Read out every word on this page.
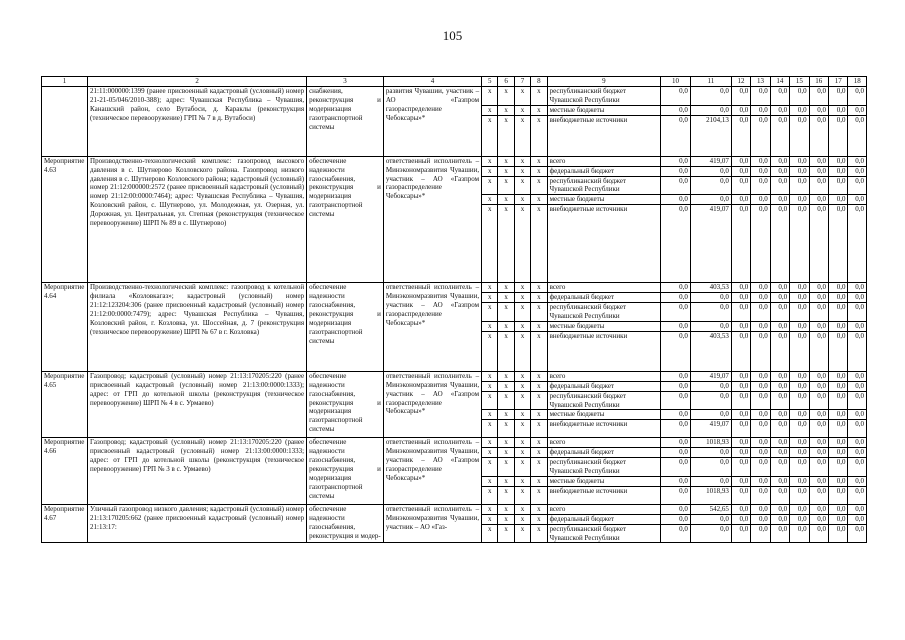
105
1	2	3	4	5	6	7	8	9	10	11	12	13	14	15	16	17	18
	21:11:000000:1399 (ранее присвоенный кадастровый (условный) номер 21-21-05/046/2010-388); адрес: Чувашская Республика – Чувашия, Канашский район, село Вутабоси, д. Караклы (реконструкция (техническое перевооружение) ГРП № 7 в д. Вутабоси)	снабжения, реконструкция и модернизация газотранспортной системы	развития Чувашии, участник – АО «Газпром газораспределение Чебоксары»*	x	x	x	x	республиканский бюджет Чувашской Республики	0,0	0,0	0,0	0,0	0,0	0,0	0,0	0,0	0,0
				x	x	x	x	местные бюджеты	0,0	0,0	0,0	0,0	0,0	0,0	0,0	0,0	0,0
				x	x	x	x	внебюджетные источники	0,0	2104,13	0,0	0,0	0,0	0,0	0,0	0,0	0,0
Мероприятие 4.63	Производственно-технологический комплекс: газопровод высокого давления в с. Шутнерово Козловского района. Газопровод низкого давления в с. Шутнерово Козловского района; кадастровый (условный) номер 21:12:000000:2572 (ранее присвоенный кадастровый (условный) номер 21:12:00:0000:7464); адрес: Чувашская Республика – Чувашия, Козловский район, с. Шутнерово, ул. Молодежная, ул. Озерная, ул. Дорожная, ул. Центральная, ул. Степная (реконструкция (техническое перевооружение) ШРП № 89 в с. Шутнерово)	обеспечение надежности газоснабжения, реконструкция и модернизация газотранспортной системы	ответственный исполнитель – Минэкономразвития Чувашии, участник – АО «Газпром газораспределение Чебоксары»*	x	x	x	x	всего	0,0	419,07	0,0	0,0	0,0	0,0	0,0	0,0	0,0
				x	x	x	x	федеральный бюджет	0,0	0,0	0,0	0,0	0,0	0,0	0,0	0,0	0,0
				x	x	x	x	республиканский бюджет Чувашской Республики	0,0	0,0	0,0	0,0	0,0	0,0	0,0	0,0	0,0
				x	x	x	x	местные бюджеты	0,0	0,0	0,0	0,0	0,0	0,0	0,0	0,0	0,0
				x	x	x	x	внебюджетные источники	0,0	419,07	0,0	0,0	0,0	0,0	0,0	0,0	0,0
Мероприятие 4.64	Производственно-технологический комплекс: газопровод к котельной филиала «Козловкагаз»; кадастровый (условный) номер 21:12:123204:306 (ранее присвоенный кадастровый (условный) номер 21:12:00:0000:7479); адрес: Чувашская Республика – Чувашия, Козловский район, г. Козловка, ул. Шоссейная, д. 7 (реконструкция (техническое перевооружение) ШРП № 67 в г. Козловка)	обеспечение надежности газоснабжения, реконструкция и модернизация газотранспортной системы	ответственный исполнитель – Минэкономразвития Чувашии, участник – АО «Газпром газораспределение Чебоксары»*	x	x	x	x	всего	0,0	403,53	0,0	0,0	0,0	0,0	0,0	0,0	0,0
				x	x	x	x	федеральный бюджет	0,0	0,0	0,0	0,0	0,0	0,0	0,0	0,0	0,0
				x	x	x	x	республиканский бюджет Чувашской Республики	0,0	0,0	0,0	0,0	0,0	0,0	0,0	0,0	0,0
				x	x	x	x	местные бюджеты	0,0	0,0	0,0	0,0	0,0	0,0	0,0	0,0	0,0
				x	x	x	x	внебюджетные источники	0,0	403,53	0,0	0,0	0,0	0,0	0,0	0,0	0,0
Мероприятие 4.65	Газопровод; кадастровый (условный) номер 21:13:170205:220 (ранее присвоенный кадастровый (условный) номер 21:13:00:0000:1333); адрес: от ГРП до котельной школы (реконструкция (техническое перевооружение) ШРП № 4 в с. Урмаево)	обеспечение надежности газоснабжения, реконструкция и модернизация газотранспортной системы	ответственный исполнитель – Минэкономразвития Чувашии, участник – АО «Газпром газораспределение Чебоксары»*	x	x	x	x	всего	0,0	419,07	0,0	0,0	0,0	0,0	0,0	0,0	0,0
				x	x	x	x	федеральный бюджет	0,0	0,0	0,0	0,0	0,0	0,0	0,0	0,0	0,0
				x	x	x	x	республиканский бюджет Чувашской Республики	0,0	0,0	0,0	0,0	0,0	0,0	0,0	0,0	0,0
				x	x	x	x	местные бюджеты	0,0	0,0	0,0	0,0	0,0	0,0	0,0	0,0	0,0
				x	x	x	x	внебюджетные источники	0,0	419,07	0,0	0,0	0,0	0,0	0,0	0,0	0,0
Мероприятие 4.66	Газопровод; кадастровый (условный) номер 21:13:170205:220 (ранее присвоенный кадастровый (условный) номер 21:13:00:0000:1333; адрес: от ГРП до котельной школы (реконструкция (техническое перевооружение) ГРП № 3 в с. Урмаево)	обеспечение надежности газоснабжения, реконструкция и модернизация газотранспортной системы	ответственный исполнитель – Минэкономразвития Чувашии, участник – АО «Газпром газораспределение Чебоксары»*	x	x	x	x	всего	0,0	1018,93	0,0	0,0	0,0	0,0	0,0	0,0	0,0
				x	x	x	x	федеральный бюджет	0,0	0,0	0,0	0,0	0,0	0,0	0,0	0,0	0,0
				x	x	x	x	республиканский бюджет Чувашской Республики	0,0	0,0	0,0	0,0	0,0	0,0	0,0	0,0	0,0
				x	x	x	x	местные бюджеты	0,0	0,0	0,0	0,0	0,0	0,0	0,0	0,0	0,0
				x	x	x	x	внебюджетные источники	0,0	1018,93	0,0	0,0	0,0	0,0	0,0	0,0	0,0
Мероприятие 4.67	Уличный газопровод низкого давления; кадастровый (условный) номер 21:13:170205:662 (ранее присвоенный кадастровый (условный) номер 21:13:17:	обеспечение надежности газоснабжения, реконструкция и модер-	ответственный исполнитель – Минэкономразвития Чувашии, участник – АО «Газ-	x	x	x	x	всего	0,0	542,65	0,0	0,0	0,0	0,0	0,0	0,0	0,0
				x	x	x	x	федеральный бюджет	0,0	0,0	0,0	0,0	0,0	0,0	0,0	0,0	0,0
				x	x	x	x	республиканский бюджет Чувашской Республики	0,0	0,0	0,0	0,0	0,0	0,0	0,0	0,0	0,0
